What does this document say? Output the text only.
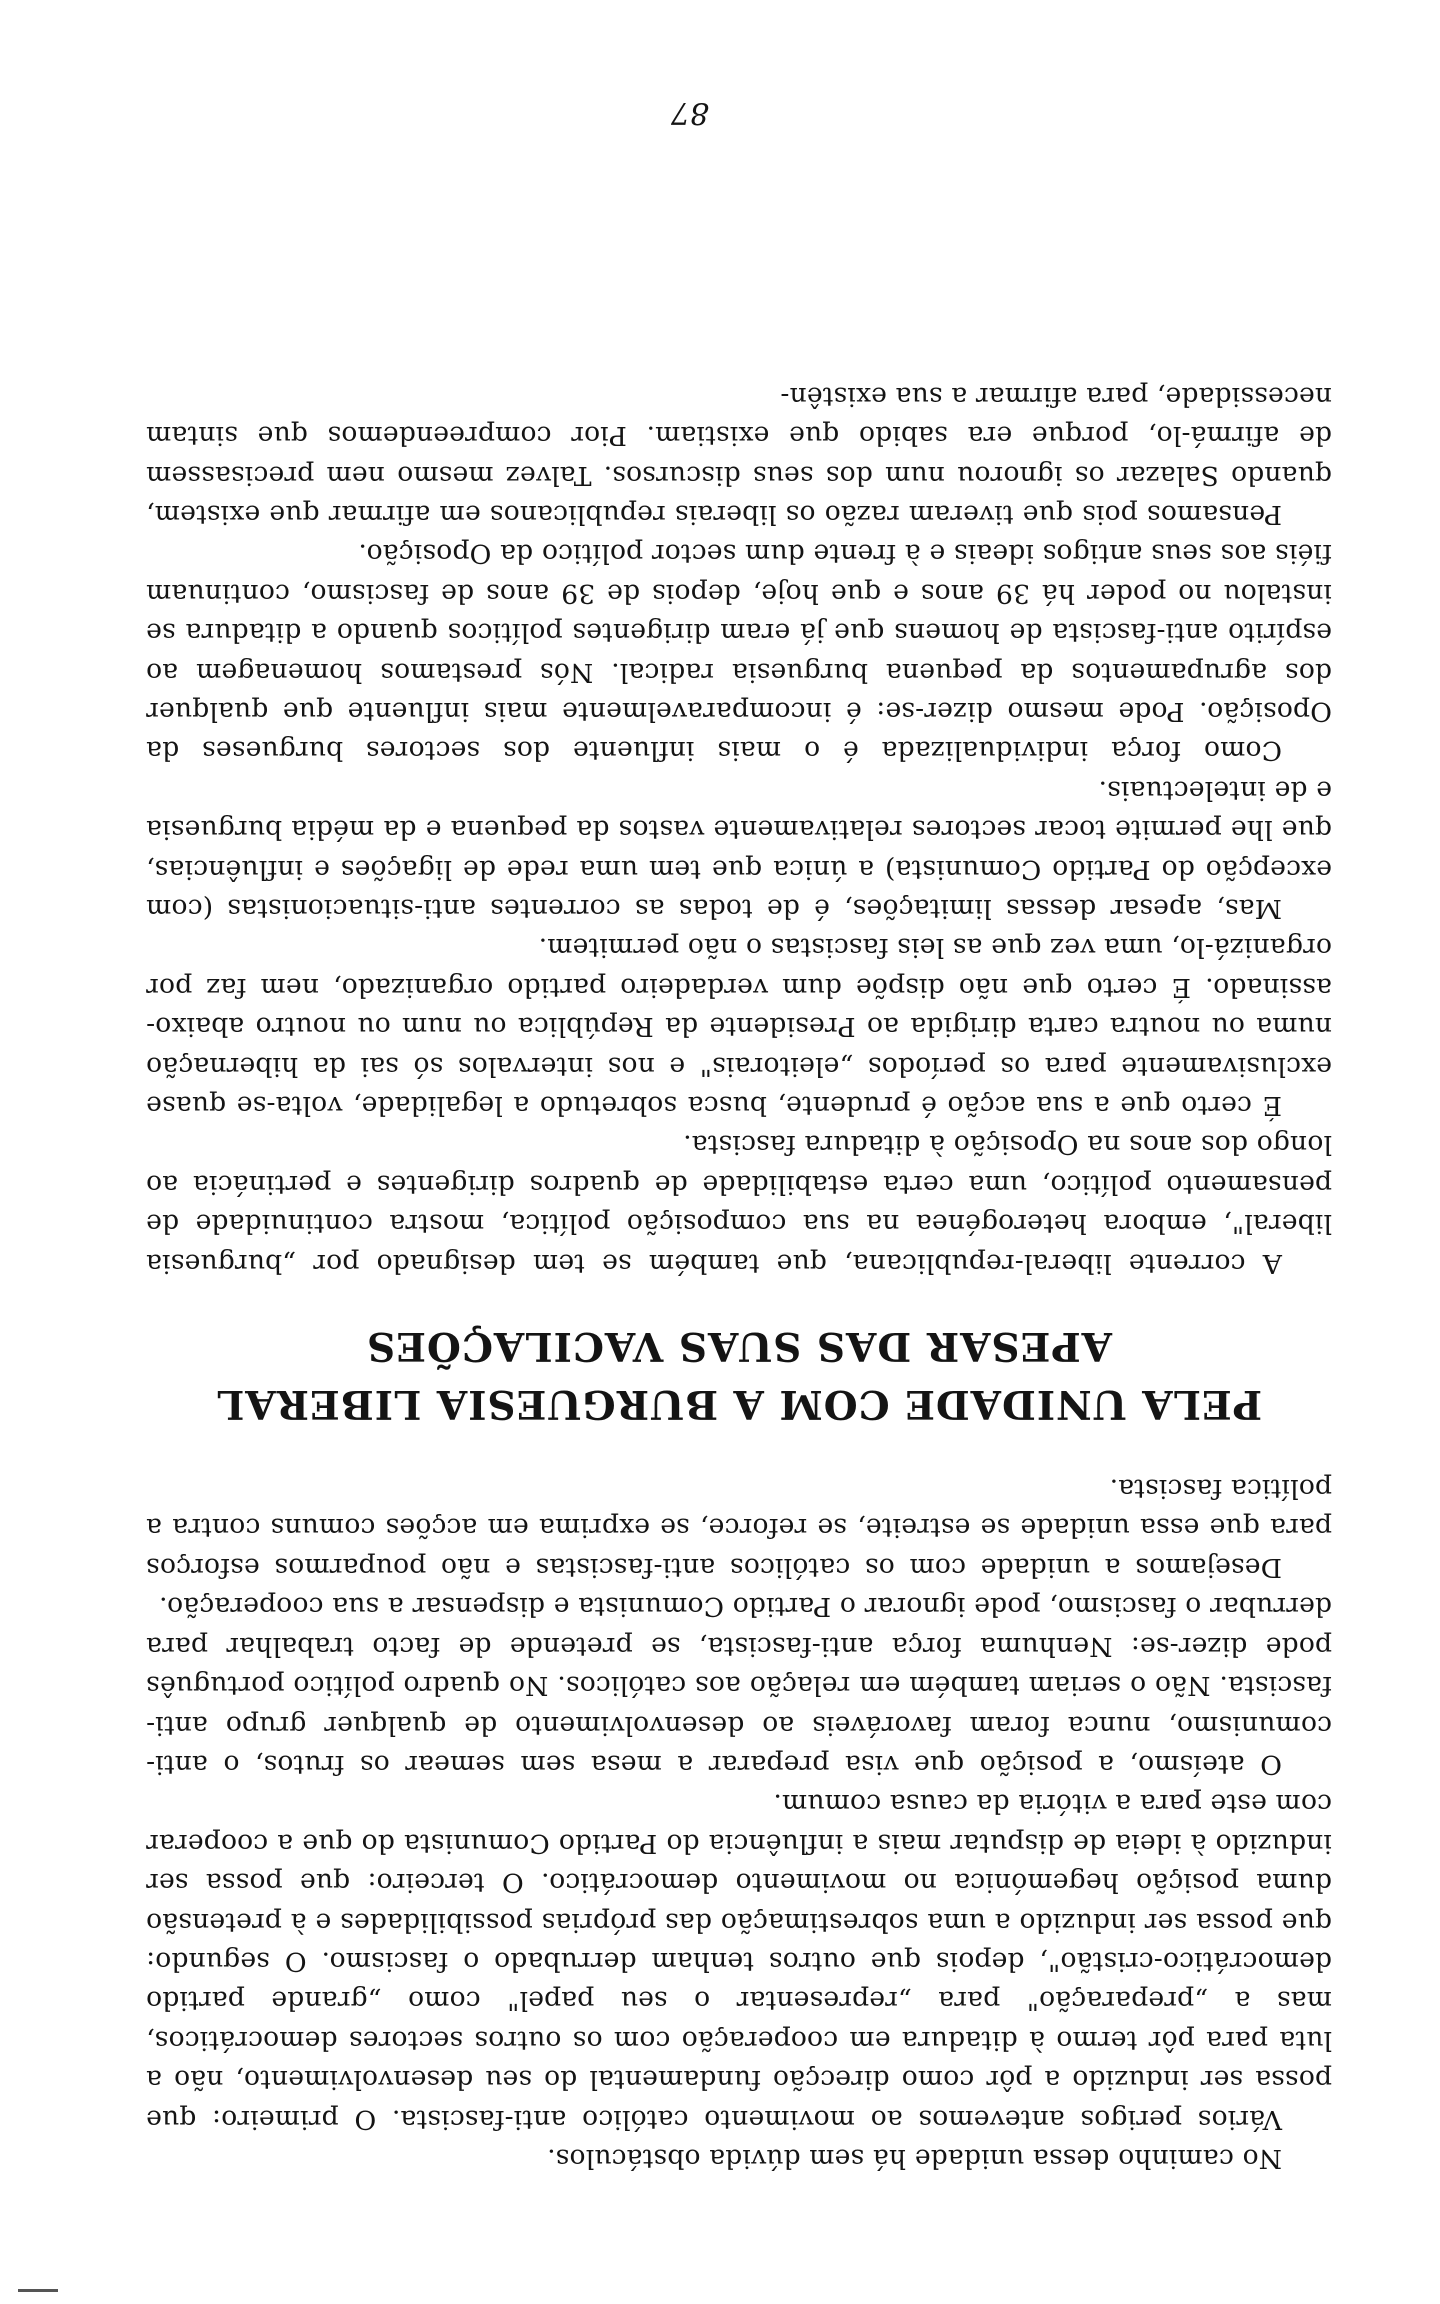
No caminho dessa unidade há sem dúvida obstáculos.

Vários perigos antevemos ao movimento católico anti-fascista. O primeiro: que possa ser induzido a pôr como direcção fundamental do seu desenvolvimento, não a luta para pôr termo à ditadura em cooperação com os outros sectores democráticos, mas a „preparação" para „representar o seu papel" como „grande partido democrático-cristão", depois que outros tenham derrubado o fascismo. O segundo: que possa ser induzido a uma sobrestimação das próprias possibilidades e à pretensão duma posição hegemónica no movimento democrático. O terceiro: que possa ser induzido à ideia de disputar mais a influência do Partido Comunista do que a cooperar com este para a vitória da causa comum.

O ateísmo, a posição que visa preparar a mesa sem semear os frutos, o anti-comunismo, nunca foram favoráveis ao desenvolvimento de qualquer grupo anti-fascista. Não o seriam também em relação aos católicos. No quadro político português pode dizer-se: Nenhuma força anti-fascista, se pretende de facto trabalhar para derrubar o fascismo, pode ignorar o Partido Comunista e dispensar a sua cooperação.

Desejamos a unidade com os católicos anti-fascistas e não pouparmos esforços para que essa unidade se estreite, se reforce, se exprima em acções comuns contra a política fascista.

PELA UNIDADE COM A BURGUESIA LIBERAL
APESAR DAS SUAS VACILAÇÕES

A corrente liberal-republicana, que também se tem designado por „burguesia liberal", embora heterogénea na sua composição política, mostra continuidade de pensamento político, uma certa estabilidade de quadros dirigentes e pertinácia ao longo dos anos na Oposição à ditadura fascista.

É certo que a sua acção é prudente, busca sobretudo a legalidade, volta-se quase exclusivamente para os períodos „eleitorais" e nos intervalos só sai da hibernação numa ou noutra carta dirigida ao Presidente da República ou num ou noutro abaixo-assinado. É certo que não dispõe dum verdadeiro partido organizado, nem faz por organizá-lo, uma vez que as leis fascistas o não permitem.

Mas, apesar dessas limitações, é de todas as correntes anti-situacionistas (com excepção do Partido Comunista) a única que tem uma rede de ligações e influências, que lhe permite tocar sectores relativamente vastos da pequena e da média burguesia e de intelectuais.

Como força individualizada é o mais influente dos sectores burgueses da Oposição. Pode mesmo dizer-se: é incomparavelmente mais influente que qualquer dos agrupamentos da pequena burguesia radical. Nós prestamos homenagem ao espírito anti-fascista de homens que já eram dirigentes políticos quando a ditadura se instalou no poder há 39 anos e que hoje, depois de 39 anos de fascismo, continuam fiéis aos seus antigos ideais e à frente dum sector político da Oposição.

Pensamos pois que tiveram razão os liberais republicanos em afirmar que existem, quando Salazar os ignorou num dos seus discursos. Talvez mesmo nem precisassem de afirmá-lo, porque era sabido que existiam. Pior compreendemos que sintam necessidade, para afirmar a sua existên-

87
